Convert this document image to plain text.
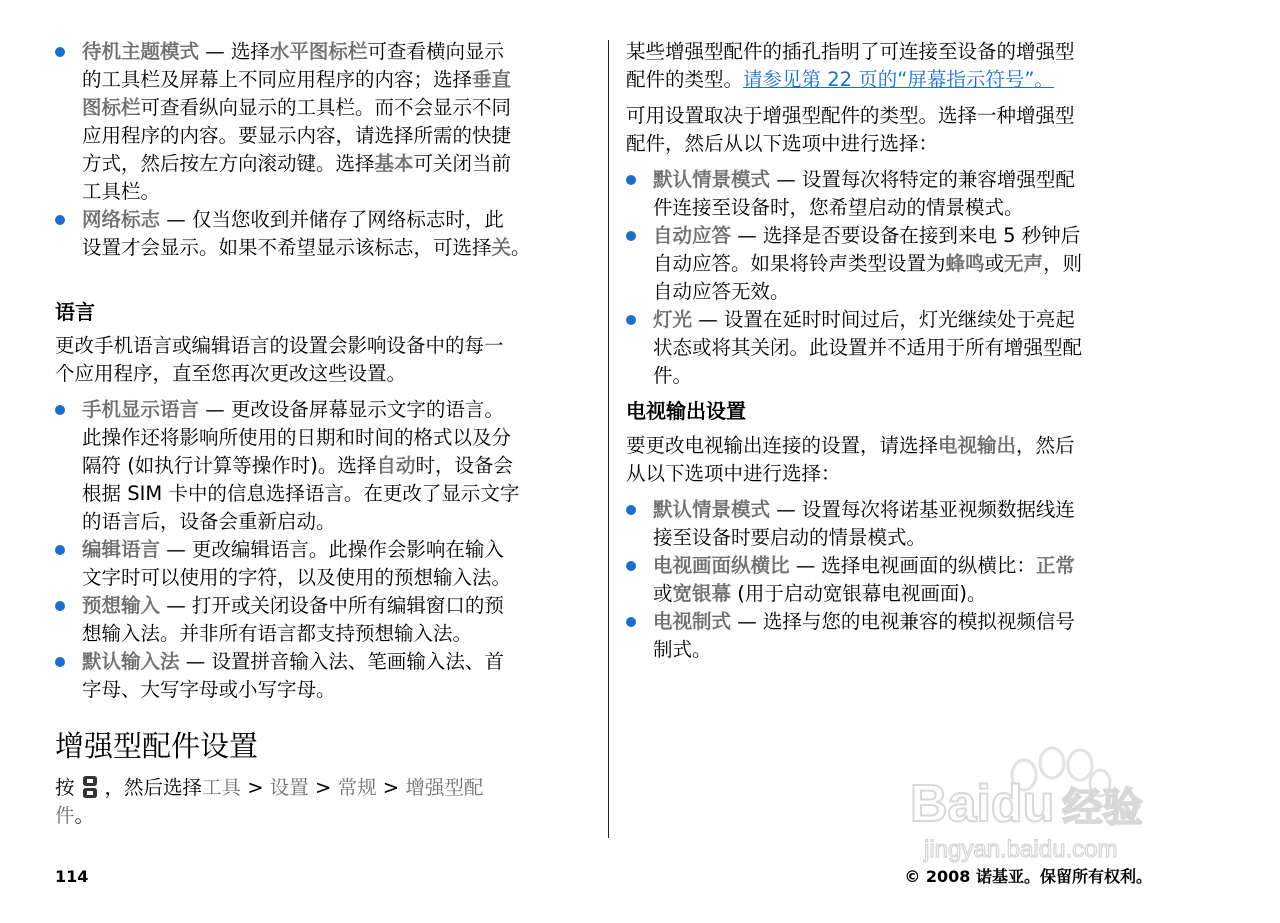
待机主题模式 — 选择水平图标栏可查看横向显示
的工具栏及屏幕上不同应用程序的内容；选择垂直
图标栏可查看纵向显示的工具栏。而不会显示不同
应用程序的内容。要显示内容，请选择所需的快捷
方式，然后按左方向滚动键。选择基本可关闭当前
工具栏。
网络标志 — 仅当您收到并储存了网络标志时，此
设置才会显示。如果不希望显示该标志，可选择关。
语言
更改手机语言或编辑语言的设置会影响设备中的每一
个应用程序，直至您再次更改这些设置。
手机显示语言 — 更改设备屏幕显示文字的语言。
此操作还将影响所使用的日期和时间的格式以及分
隔符 (如执行计算等操作时)。选择自动时，设备会
根据 SIM 卡中的信息选择语言。在更改了显示文字
的语言后，设备会重新启动。
编辑语言 — 更改编辑语言。此操作会影响在输入
文字时可以使用的字符，以及使用的预想输入法。
预想输入 — 打开或关闭设备中所有编辑窗口的预
想输入法。并非所有语言都支持预想输入法。
默认输入法 — 设置拼音输入法、笔画输入法、首
字母、大写字母或小写字母。
增强型配件设置
按 ，然后选择工具 > 设置 > 常规 > 增强型配
件。
某些增强型配件的插孔指明了可连接至设备的增强型
配件的类型。请参见第 22 页的“屏幕指示符号”。
可用设置取决于增强型配件的类型。选择一种增强型
配件，然后从以下选项中进行选择：
默认情景模式 — 设置每次将特定的兼容增强型配
件连接至设备时，您希望启动的情景模式。
自动应答 — 选择是否要设备在接到来电 5 秒钟后
自动应答。如果将铃声类型设置为蜂鸣或无声，则
自动应答无效。
灯光 — 设置在延时时间过后，灯光继续处于亮起
状态或将其关闭。此设置并不适用于所有增强型配
件。
电视输出设置
要更改电视输出连接的设置，请选择电视输出，然后
从以下选项中进行选择：
默认情景模式 — 设置每次将诺基亚视频数据线连
接至设备时要启动的情景模式。
电视画面纵横比 — 选择电视画面的纵横比：正常
或宽银幕 (用于启动宽银幕电视画面)。
电视制式 — 选择与您的电视兼容的模拟视频信号
制式。
Baidu 经验
jingyan.baidu.com
114	© 2008 诺基亚。保留所有权利。
